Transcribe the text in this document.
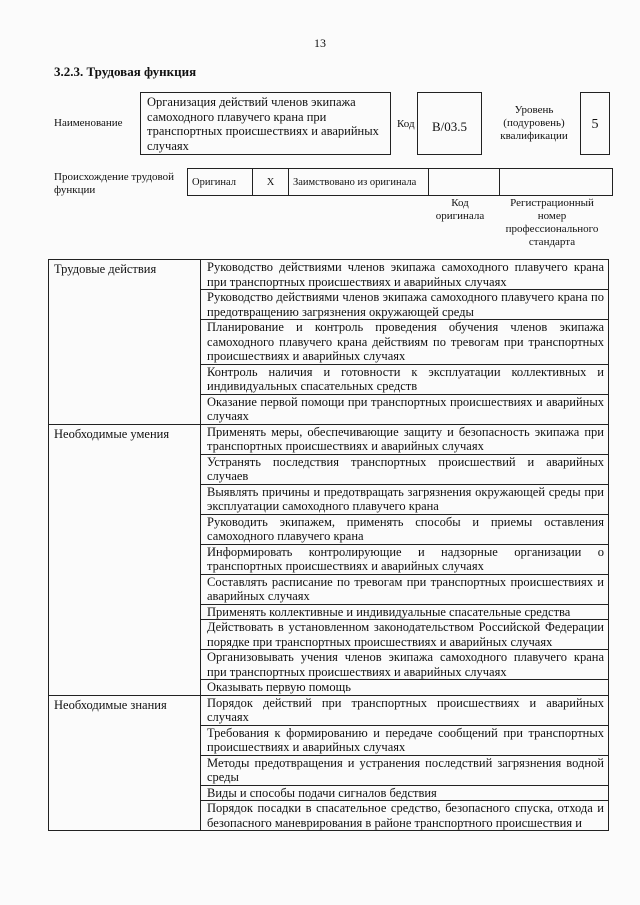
13
3.2.3. Трудовая функция
Наименование
Организация действий членов экипажа самоходного плавучего крана при транспортных происшествиях и аварийных случаях
Код	B/03.5
Уровень (подуровень) квалификации
5
Происхождение трудовой функции
Оригинал	X	Заимствовано из оригинала		
Код оригинала
Регистрационный номер профессионального стандарта
Трудовые действия	Руководство действиями членов экипажа самоходного плавучего крана при транспортных происшествиях и аварийных случаях

	Руководство действиями членов экипажа самоходного плавучего крана по предотвращению загрязнения окружающей среды

	Планирование и контроль проведения обучения членов экипажа самоходного плавучего крана действиям по тревогам при транспортных происшествиях и аварийных случаях

	Контроль наличия и готовности к эксплуатации коллективных и индивидуальных спасательных средств

	Оказание первой помощи при транспортных происшествиях и аварийных случаях

Необходимые умения	Применять меры, обеспечивающие защиту и безопасность экипажа при транспортных происшествиях и аварийных случаях

	Устранять последствия транспортных происшествий и аварийных случаев

	Выявлять причины и предотвращать загрязнения окружающей среды при эксплуатации самоходного плавучего крана

	Руководить экипажем, применять способы и приемы оставления самоходного плавучего крана

	Информировать контролирующие и надзорные организации о транспортных происшествиях и аварийных случаях

	Составлять расписание по тревогам при транспортных происшествиях и аварийных случаях

	Применять коллективные и индивидуальные спасательные средства

	Действовать в установленном законодательством Российской Федерации порядке при транспортных происшествиях и аварийных случаях

	Организовывать учения членов экипажа самоходного плавучего крана при транспортных происшествиях и аварийных случаях

	Оказывать первую помощь

Необходимые знания	Порядок действий при транспортных происшествиях и аварийных случаях

	Требования к формированию и передаче сообщений при транспортных происшествиях и аварийных случаях

	Методы предотвращения и устранения последствий загрязнения водной среды

	Виды и способы подачи сигналов бедствия

	Порядок посадки в спасательное средство, безопасного спуска, отхода и безопасного маневрирования в районе транспортного происшествия и
